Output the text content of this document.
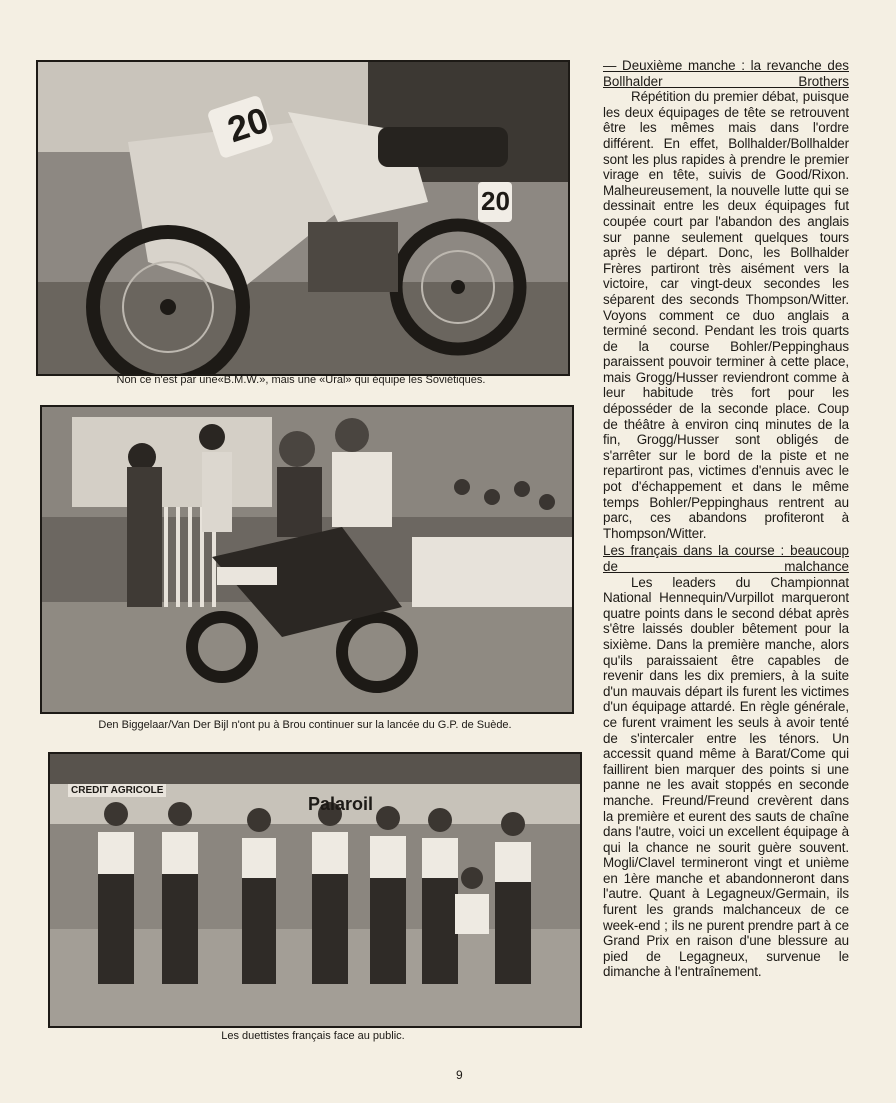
20
20
Non ce n'est par une«B.M.W.», mais une «Ural» qui équipe les Soviétiques.
Den Biggelaar/Van Der Bijl n'ont pu à Brou continuer sur la lancée du G.P. de Suède.
CREDIT AGRICOLE
Palaroil
Les duettistes français face au public.

— Deuxième manche : la revanche des Bollhalder Brothers

Répétition du premier débat, puisque les deux équipages de tête se retrouvent être les mêmes mais dans l'ordre différent. En effet, Bollhalder/Bollhalder sont les plus rapides à prendre le premier virage en tête, suivis de Good/Rixon. Malheureusement, la nouvelle lutte qui se dessinait entre les deux équipages fut coupée court par l'abandon des anglais sur panne seulement quelques tours après le départ. Donc, les Bollhalder Frères partiront très aisément vers la victoire, car vingt-deux secondes les séparent des seconds Thompson/Witter. Voyons comment ce duo anglais a terminé second. Pendant les trois quarts de la course Bohler/Peppinghaus paraissent pouvoir terminer à cette place, mais Grogg/Husser reviendront comme à leur habitude très fort pour les déposséder de la seconde place. Coup de théâtre à environ cinq minutes de la fin, Grogg/Husser sont obligés de s'arrêter sur le bord de la piste et ne repartiront pas, victimes d'ennuis avec le pot d'échappement et dans le même temps Bohler/Peppinghaus rentrent au parc, ces abandons profiteront à Thompson/Witter.

Les français dans la course : beaucoup de malchance

Les leaders du Championnat National Hennequin/Vurpillot marqueront quatre points dans le second débat après s'être laissés doubler bêtement pour la sixième. Dans la première manche, alors qu'ils paraissaient être capables de revenir dans les dix premiers, à la suite d'un mauvais départ ils furent les victimes d'un équipage attardé. En règle générale, ce furent vraiment les seuls à avoir tenté de s'intercaler entre les ténors. Un accessit quand même à Barat/Come qui faillirent bien marquer des points si une panne ne les avait stoppés en seconde manche. Freund/Freund crevèrent dans la première et eurent des sauts de chaîne dans l'autre, voici un excellent équipage à qui la chance ne sourit guère souvent. Mogli/Clavel termineront vingt et unième en 1ère manche et abandonneront dans l'autre. Quant à Legagneux/Germain, ils furent les grands malchanceux de ce week-end ; ils ne purent prendre part à ce Grand Prix en raison d'une blessure au pied de Legagneux, survenue le dimanche à l'entraînement.

9
